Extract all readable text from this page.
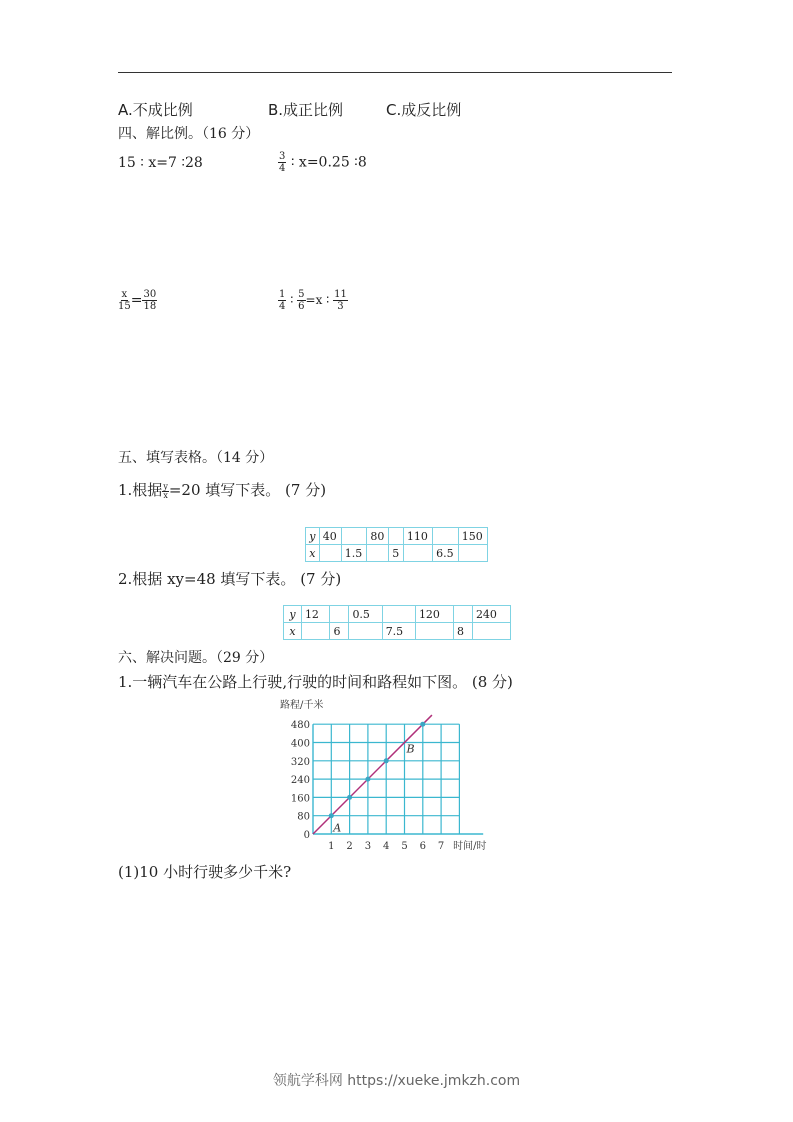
A.不成比例	B.成正比例	C.成反比例
四、解比例。（16 分）
15 ∶ x=7 ∶28	$\frac{3}{4}$ ∶ x=0.25 ∶8
$\frac{x}{15} = \frac{30}{18}$	$\frac{1}{4}$ ∶ $\frac{5}{6} =x$ ∶ $\frac{11}{3}$
五、填写表格。（14 分）
1.根据 $\frac{y}{x} =20$ 填写下表。 (7 分)
y	40		80		110		150
x		1.5		5		6.5	
2.根据 xy=48 填写下表。 (7 分)
y	12		0.5		120		240
x		6		7.5		8	
六、解决问题。（29 分）
1.一辆汽车在公路上行驶,行驶的时间和路程如下图。 (8 分)
1 2 3 4 5 6 7
0
80
160
240
320
400
480
时间/时
路程/千米
A
B
(1)10 小时行驶多少千米?
领航学科网 https://xueke.jmkzh.com
